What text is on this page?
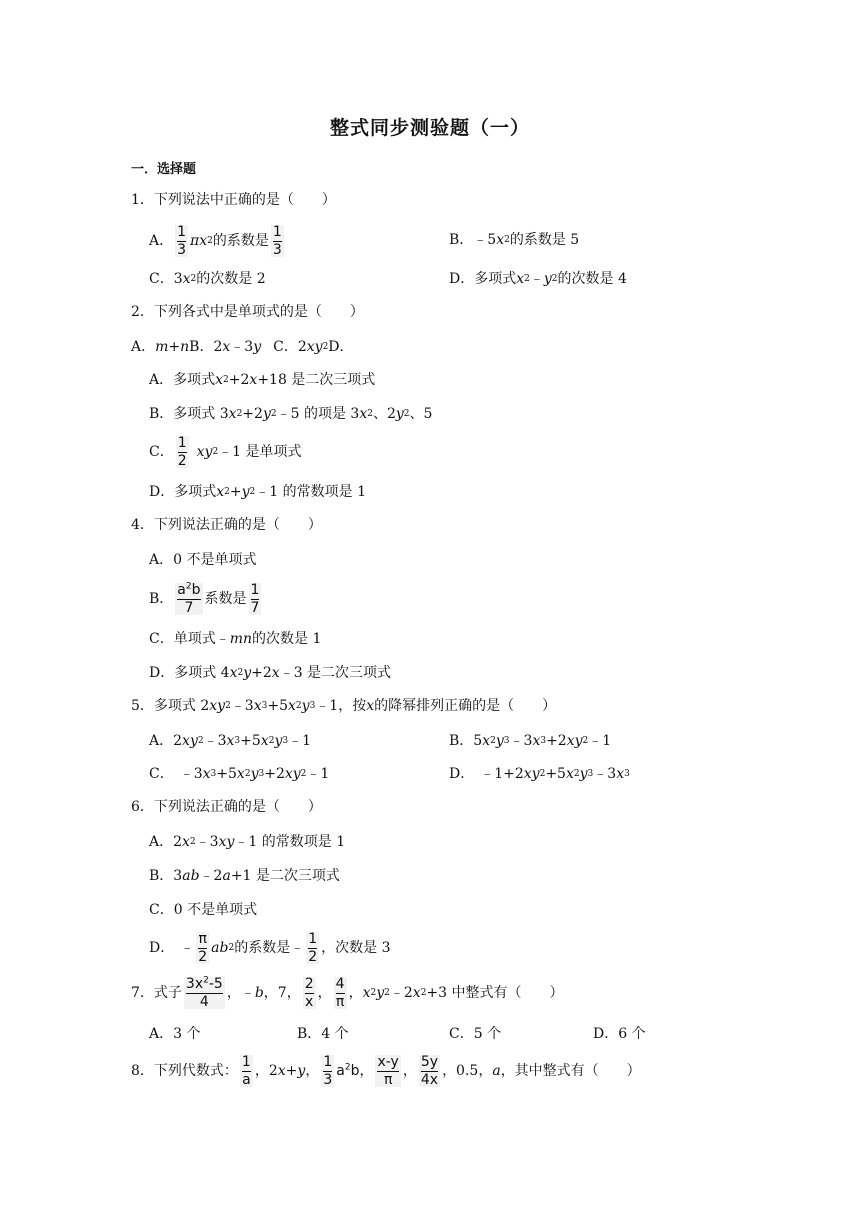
整式同步测验题（一）
一．选择题
1．下列说法中正确的是（　　）
A． $\frac{1}{3}$ πx 2 的系数是 $\frac{1}{3}$	B． ﹣5 x 2 的系数是 5
C． 3 x 2 的次数是 2	D． 多项式 x 2 ﹣ y 2 的次数是 4
2．下列各式中是单项式的是（　　）
A． m + n B．2 x ﹣3 y C．2 xy 2 D．
A． 多项式 x 2 +2 x +18 是二次三项式
B． 多项式 3 x 2 +2 y 2 ﹣5 的项是 3 x 2 、2 y 2 、5
C． $\frac{1}{2}$ xy 2 ﹣1 是单项式
D． 多项式 x 2 + y 2 ﹣1 的常数项是 1
4．下列说法正确的是（　　）
A． 0 不是单项式
B． $\frac{a^2b}{7}$ 系数是 $\frac{1}{7}$
C． 单项式﹣ mn 的次数是 1
D． 多项式 4 x 2 y +2 x ﹣3 是二次三项式
5．多项式 2 xy 2 ﹣3 x 3 +5 x 2 y 3 ﹣1，按 x 的降幂排列正确的是（　　）
A． 2 xy 2 ﹣3 x 3 +5 x 2 y 3 ﹣1	B． 5 x 2 y 3 ﹣3 x 3 +2 xy 2 ﹣1
C． ﹣3 x 3 +5 x 2 y 3 +2 xy 2 ﹣1	D． ﹣1+2 xy 2 +5 x 2 y 3 ﹣3 x 3
6．下列说法正确的是（　　）
A． 2 x 2 ﹣3 xy ﹣1 的常数项是 1
B． 3 ab ﹣2 a +1 是二次三项式
C． 0 不是单项式
D． ﹣ $\frac{\pi}{2}$ ab 2 的系数是 ﹣ $\frac{1}{2}$ ，次数是 3
7．式子 $\frac{3x^2-5}{4}$ ，﹣ b ，7， $\frac{2}{x}$ ， $\frac{4}{\pi}$ ， x 2 y 2 ﹣2 x 2 +3 中整式有（　　）
A．3 个	B．4 个	C．5 个	D．6 个
8．下列代数式： $\frac{1}{a}$ ，2 x + y ， $\frac{1}{3} a^2b$ ， $\frac{x-y}{\pi}$ ， $\frac{5y}{4x}$ ，0.5， a ，其中整式有（　　）
